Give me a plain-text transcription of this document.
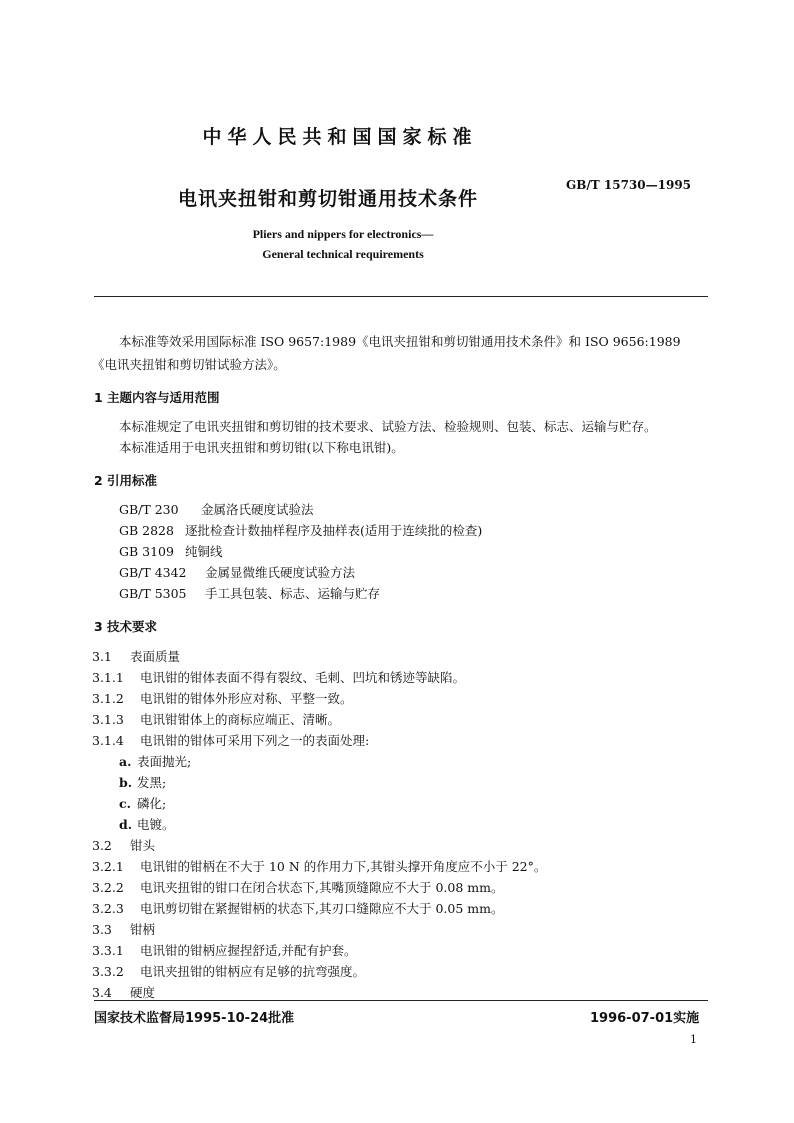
中华人民共和国国家标准
电讯夹扭钳和剪切钳通用技术条件
GB/T 15730—1995
Pliers and nippers for electronics—
General technical requirements
本标准等效采用国际标准 ISO 9657:1989《电讯夹扭钳和剪切钳通用技术条件》和 ISO 9656:1989
《电讯夹扭钳和剪切钳试验方法》。
1 主题内容与适用范围
本标准规定了电讯夹扭钳和剪切钳的技术要求、试验方法、检验规则、包装、标志、运输与贮存。
本标准适用于电讯夹扭钳和剪切钳(以下称电讯钳)。
2 引用标准
GB/T 230 金属洛氏硬度试验法
GB 2828 逐批检查计数抽样程序及抽样表(适用于连续批的检查)
GB 3109 纯铜线
GB/T 4342 金属显微维氏硬度试验方法
GB/T 5305 手工具包装、标志、运输与贮存
3 技术要求
3.1 表面质量
3.1.1 电讯钳的钳体表面不得有裂纹、毛刺、凹坑和锈迹等缺陷。
3.1.2 电讯钳的钳体外形应对称、平整一致。
3.1.3 电讯钳钳体上的商标应端正、清晰。
3.1.4 电讯钳的钳体可采用下列之一的表面处理:
a. 表面抛光;
b. 发黑;
c. 磷化;
d. 电镀。
3.2 钳头
3.2.1 电讯钳的钳柄在不大于 10 N 的作用力下,其钳头撑开角度应不小于 22°。
3.2.2 电讯夹扭钳的钳口在闭合状态下,其嘴顶缝隙应不大于 0.08 mm。
3.2.3 电讯剪切钳在紧握钳柄的状态下,其刃口缝隙应不大于 0.05 mm。
3.3 钳柄
3.3.1 电讯钳的钳柄应握捏舒适,并配有护套。
3.3.2 电讯夹扭钳的钳柄应有足够的抗弯强度。
3.4 硬度
国家技术监督局1995-10-24批准	1996-07-01实施
1
